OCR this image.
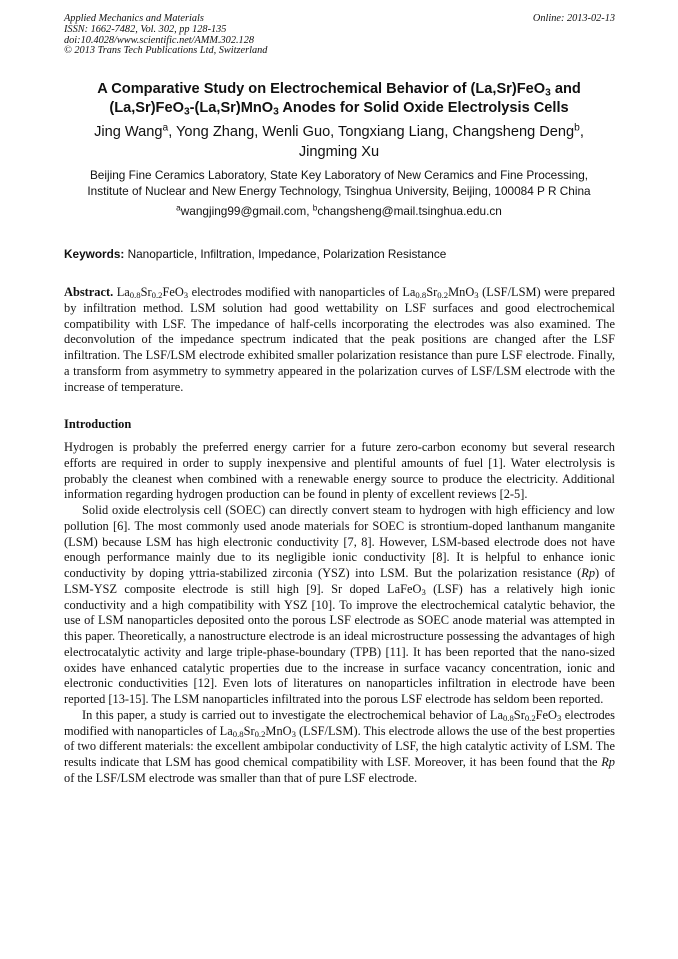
Applied Mechanics and Materials
ISSN: 1662-7482, Vol. 302, pp 128-135
doi:10.4028/www.scientific.net/AMM.302.128
© 2013 Trans Tech Publications Ltd, Switzerland
Online: 2013-02-13
A Comparative Study on Electrochemical Behavior of (La,Sr)FeO$_3$ and
(La,Sr)FeO$_3$-(La,Sr)MnO$_3$ Anodes for Solid Oxide Electrolysis Cells
Jing Wang$^a$, Yong Zhang, Wenli Guo, Tongxiang Liang, Changsheng Deng$^b$,
Jingming Xu
Beijing Fine Ceramics Laboratory, State Key Laboratory of New Ceramics and Fine Processing,
Institute of Nuclear and New Energy Technology, Tsinghua University, Beijing, 100084 P R China
$^a$wangjing99@gmail.com, $^b$changsheng@mail.tsinghua.edu.cn
Keywords: Nanoparticle, Infiltration, Impedance, Polarization Resistance
Abstract. $La_{0.8}Sr_{0.2}FeO_3$ electrodes modified with nanoparticles of $La_{0.8}Sr_{0.2}MnO_3$ (LSF/LSM) were prepared by infiltration method. LSM solution had good wettability on LSF surfaces and good electrochemical compatibility with LSF. The impedance of half-cells incorporating the electrodes was also examined. The deconvolution of the impedance spectrum indicated that the peak positions are changed after the LSF infiltration. The LSF/LSM electrode exhibited smaller polarization resistance than pure LSF electrode. Finally, a transform from asymmetry to symmetry appeared in the polarization curves of LSF/LSM electrode with the increase of temperature.
Introduction

Hydrogen is probably the preferred energy carrier for a future zero-carbon economy but several research efforts are required in order to supply inexpensive and plentiful amounts of fuel [1]. Water electrolysis is probably the cleanest when combined with a renewable energy source to produce the electricity. Additional information regarding hydrogen production can be found in plenty of excellent reviews [2-5].

Solid oxide electrolysis cell (SOEC) can directly convert steam to hydrogen with high efficiency and low pollution [6]. The most commonly used anode materials for SOEC is strontium-doped lanthanum manganite (LSM) because LSM has high electronic conductivity [7, 8]. However, LSM-based electrode does not have enough performance mainly due to its negligible ionic conductivity [8]. It is helpful to enhance ionic conductivity by doping yttria-stabilized zirconia (YSZ) into LSM. But the polarization resistance (Rp) of LSM-YSZ composite electrode is still high [9]. Sr doped LaFeO$_3$ (LSF) has a relatively high ionic conductivity and a high compatibility with YSZ [10]. To improve the electrochemical catalytic behavior, the use of LSM nanoparticles deposited onto the porous LSF electrode as SOEC anode material was attempted in this paper. Theoretically, a nanostructure electrode is an ideal microstructure possessing the advantages of high electrocatalytic activity and large triple-phase-boundary (TPB) [11]. It has been reported that the nano-sized oxides have enhanced catalytic properties due to the increase in surface vacancy concentration, ionic and electronic conductivities [12]. Even lots of literatures on nanoparticles infiltration in electrode have been reported [13-15]. The LSM nanoparticles infiltrated into the porous LSF electrode has seldom been reported.

In this paper, a study is carried out to investigate the electrochemical behavior of $La_{0.8}Sr_{0.2}FeO_3$ electrodes modified with nanoparticles of $La_{0.8}Sr_{0.2}MnO_3$ (LSF/LSM). This electrode allows the use of the best properties of two different materials: the excellent ambipolar conductivity of LSF, the high catalytic activity of LSM. The results indicate that LSM has good chemical compatibility with LSF. Moreover, it has been found that the Rp of the LSF/LSM electrode was smaller than that of pure LSF electrode.
